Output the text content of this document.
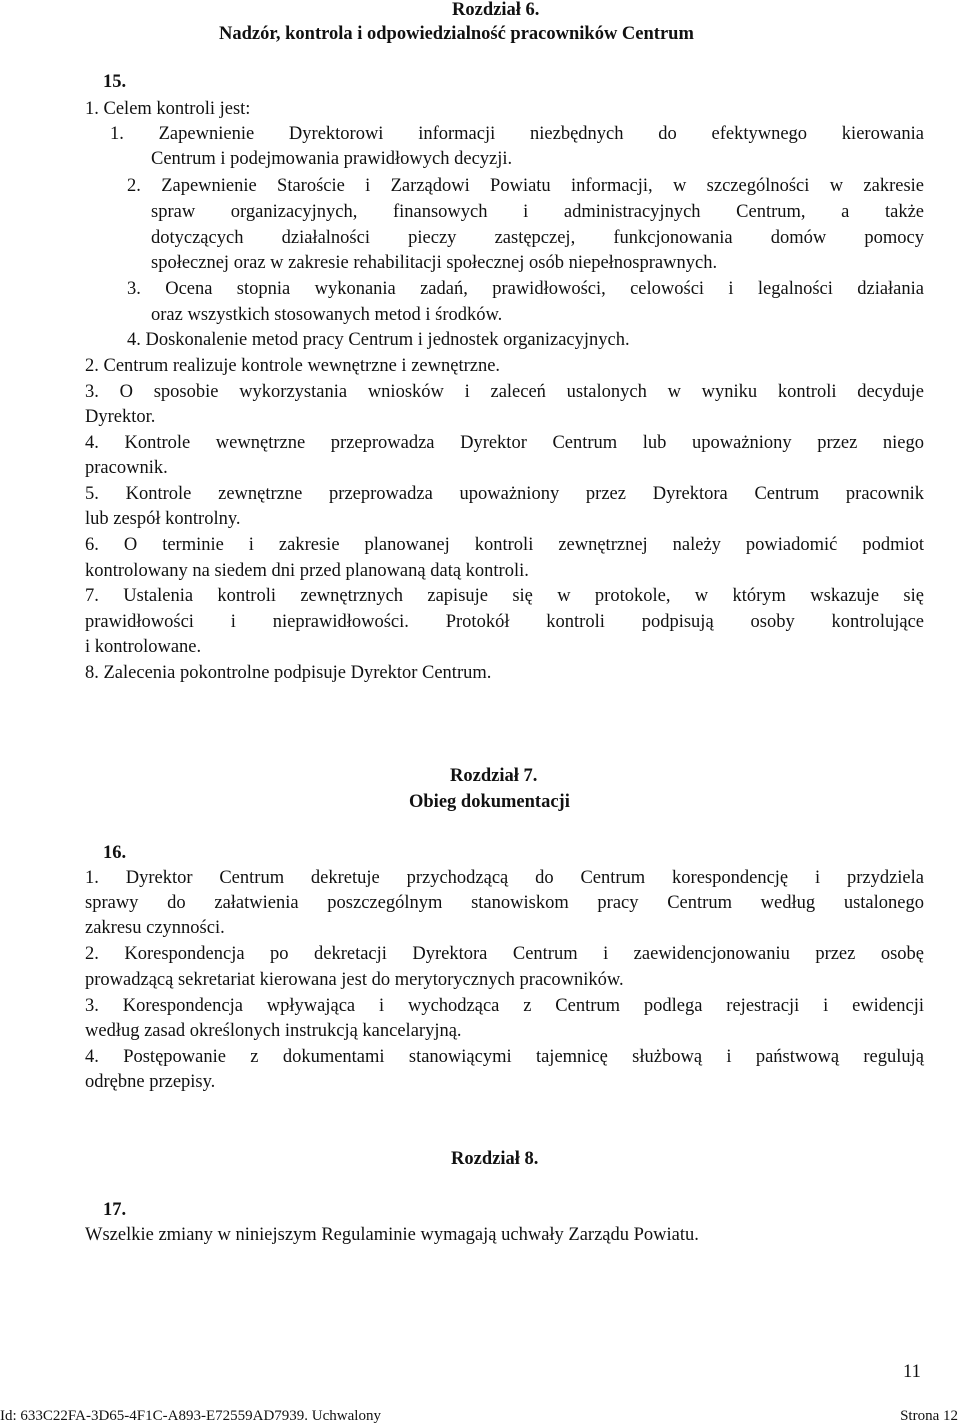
Rozdział 6.
Nadzór, kontrola i odpowiedzialność pracowników Centrum
15.
1. Celem kontroli jest:
1. Zapewnienie Dyrektorowi informacji niezbędnych do efektywnego kierowania
Centrum i podejmowania prawidłowych decyzji.
2. Zapewnienie Staroście i Zarządowi Powiatu informacji, w szczególności w zakresie
spraw organizacyjnych, finansowych i administracyjnych Centrum, a także
dotyczących działalności pieczy zastępczej, funkcjonowania domów pomocy
społecznej oraz w zakresie rehabilitacji społecznej osób niepełnosprawnych.
3. Ocena stopnia wykonania zadań, prawidłowości, celowości i legalności działania
oraz wszystkich stosowanych metod i środków.
4. Doskonalenie metod pracy Centrum i jednostek organizacyjnych.
2. Centrum realizuje kontrole wewnętrzne i zewnętrzne.
3. O sposobie wykorzystania wniosków i zaleceń ustalonych w wyniku kontroli decyduje
Dyrektor.
4. Kontrole wewnętrzne przeprowadza Dyrektor Centrum lub upoważniony przez niego
pracownik.
5. Kontrole zewnętrzne przeprowadza upoważniony przez Dyrektora Centrum pracownik
lub zespół kontrolny.
6. O terminie i zakresie planowanej kontroli zewnętrznej należy powiadomić podmiot
kontrolowany na siedem dni przed planowaną datą kontroli.
7. Ustalenia kontroli zewnętrznych zapisuje się w protokole, w którym wskazuje się
prawidłowości i nieprawidłowości. Protokół kontroli podpisują osoby kontrolujące
i kontrolowane.
8. Zalecenia pokontrolne podpisuje Dyrektor Centrum.
Rozdział 7.
Obieg dokumentacji
16.
1. Dyrektor Centrum dekretuje przychodzącą do Centrum korespondencję i przydziela
sprawy do załatwienia poszczególnym stanowiskom pracy Centrum według ustalonego
zakresu czynności.
2. Korespondencja po dekretacji Dyrektora Centrum i zaewidencjonowaniu przez osobę
prowadzącą sekretariat kierowana jest do merytorycznych pracowników.
3. Korespondencja wpływająca i wychodząca z Centrum podlega rejestracji i ewidencji
według zasad określonych instrukcją kancelaryjną.
4. Postępowanie z dokumentami stanowiącymi tajemnicę służbową i państwową regulują
odrębne przepisy.
Rozdział 8.
17.
Wszelkie zmiany w niniejszym Regulaminie wymagają uchwały Zarządu Powiatu.
11
Id: 633C22FA-3D65-4F1C-A893-E72559AD7939. Uchwalony	Strona 12
